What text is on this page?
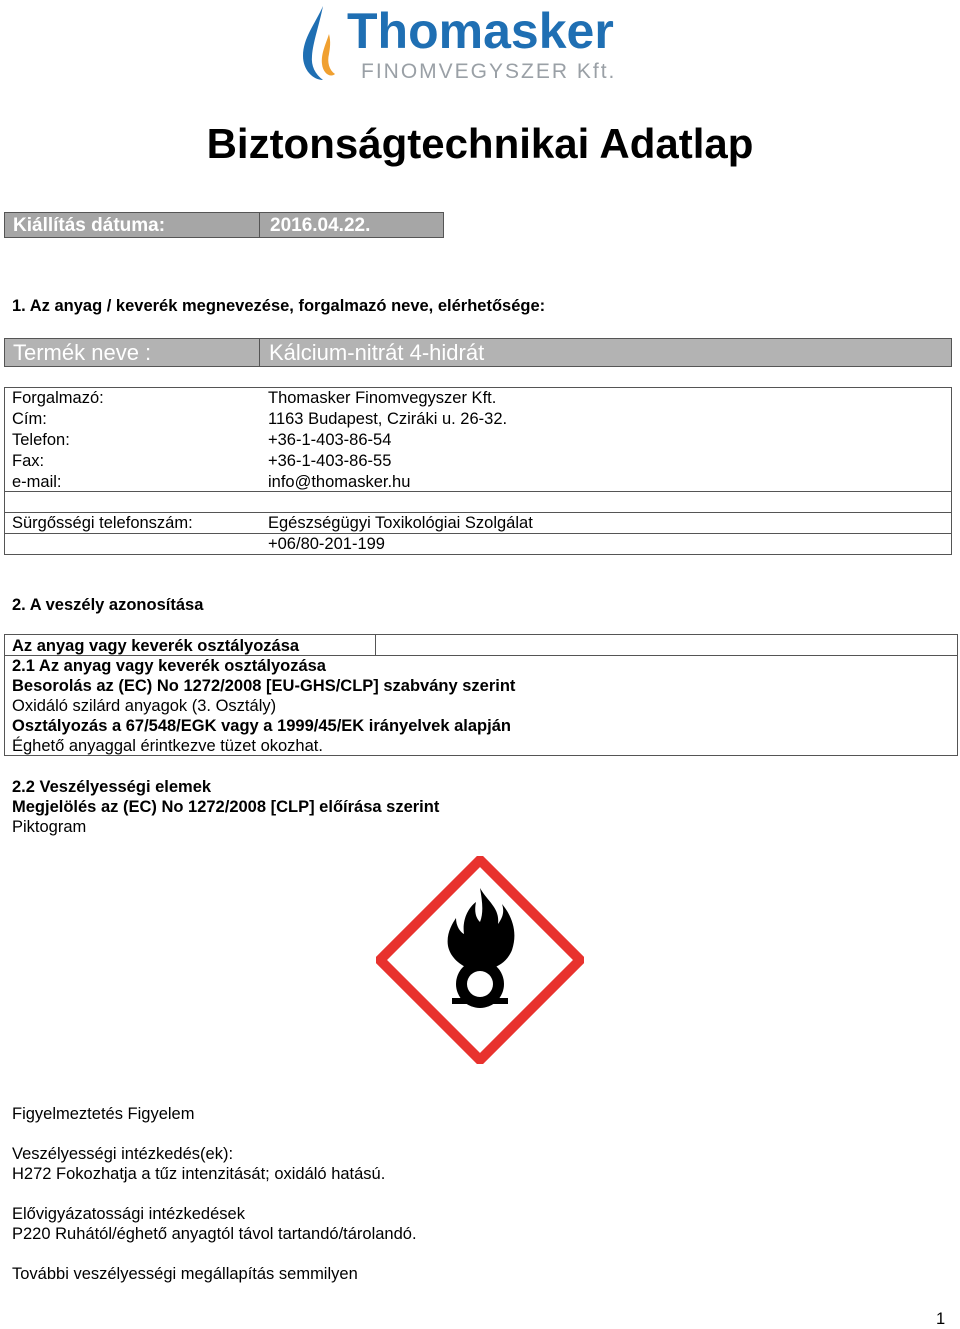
Thomasker
FINOMVEGYSZER Kft.
Biztonságtechnikai Adatlap
Kiállítás dátuma:	2016.04.22.
1. Az anyag / keverék megnevezése, forgalmazó neve, elérhetősége:
Termék neve :	Kálcium-nitrát 4-hidrát
Forgalmazó:	Thomasker Finomvegyszer Kft.
Cím:	1163 Budapest, Cziráki u. 26-32.
Telefon:	+36-1-403-86-54
Fax:	+36-1-403-86-55
e-mail:	info@thomasker.hu
Sürgősségi telefonszám:	Egészségügyi Toxikológiai Szolgálat
+06/80-201-199
2. A veszély azonosítása
Az anyag vagy keverék osztályozása
2.1 Az anyag vagy keverék osztályozása
Besorolás az (EC) No 1272/2008 [EU-GHS/CLP] szabvány szerint
Oxidáló szilárd anyagok (3. Osztály)
Osztályozás a 67/548/EGK vagy a 1999/45/EK irányelvek alapján
Éghető anyaggal érintkezve tüzet okozhat.
2.2 Veszélyességi elemek
Megjelölés az (EC) No 1272/2008 [CLP] előírása szerint
Piktogram
Figyelmeztetés Figyelem
Veszélyességi intézkedés(ek):
H272 Fokozhatja a tűz intenzitását; oxidáló hatású.
Elővigyázatossági intézkedések
P220 Ruhától/éghető anyagtól távol tartandó/tárolandó.
További veszélyességi megállapítás semmilyen
1
